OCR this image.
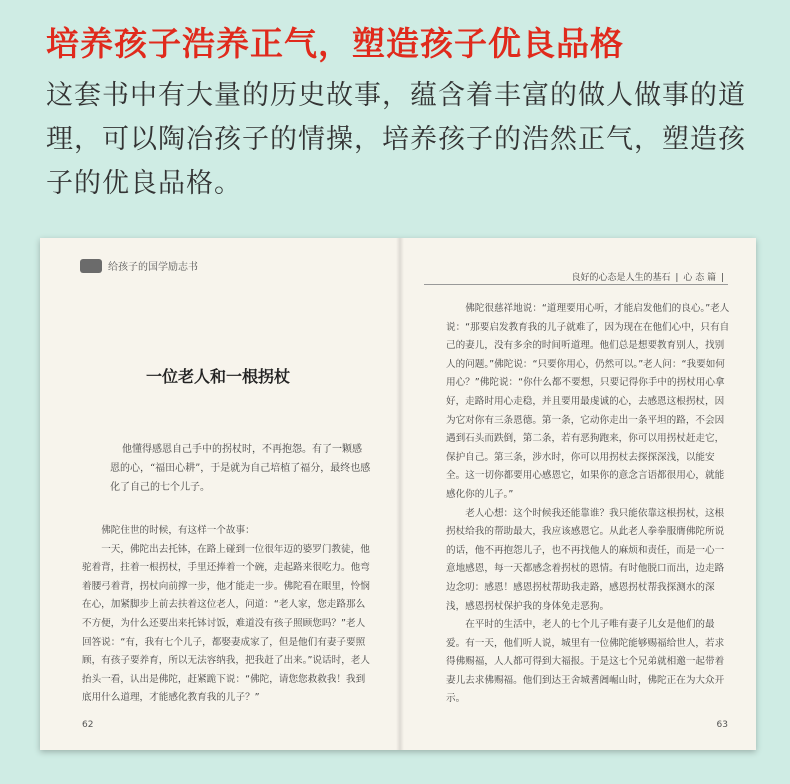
培养孩子浩养正气，塑造孩子优良品格
这套书中有大量的历史故事，蕴含着丰富的做人做事的道理，可以陶冶孩子的情操，培养孩子的浩然正气，塑造孩子的优良品格。
给孩子的国学励志书
一位老人和一根拐杖

他懂得感恩自己手中的拐杖时，不再抱怨。有了一颗感

恩的心，“福田心耕”，于是就为自己培植了福分，最终也感

化了自己的七个儿子。

佛陀住世的时候，有这样一个故事：

一天，佛陀出去托钵，在路上碰到一位很年迈的婆罗门教徒，他驼着背，拄着一根拐杖，手里还捧着一个碗，走起路来很吃力。他弯着腰弓着背，拐杖向前撑一步，他才能走一步。佛陀看在眼里，怜悯在心，加紧脚步上前去扶着这位老人，问道：“老人家，您走路那么不方便，为什么还要出来托钵讨饭，难道没有孩子照顾您吗？”老人回答说：“有，我有七个儿子，都娶妻成家了，但是他们有妻子要照顾，有孩子要养育，所以无法容纳我，把我赶了出来。”说话时，老人抬头一看，认出是佛陀，赶紧跪下说：“佛陀，请您您救救我！我到底用什么道理，才能感化教育我的儿子？”

62
良好的心态是人生的基石 | 心 态 篇 |

佛陀很慈祥地说：“道理要用心听，才能启发他们的良心。”老人说：“那要启发教育我的儿子就难了，因为现在在他们心中，只有自己的妻儿，没有多余的时间听道理。他们总是想要教育别人，找别人的问题。”佛陀说：“只要你用心，仍然可以。”老人问：“我要如何用心？”佛陀说：“你什么都不要想，只要记得你手中的拐杖用心拿好，走路时用心走稳，并且要用最虔诚的心，去感恩这根拐杖，因为它对你有三条恩德。第一条，它动你走出一条平坦的路，不会因遇到石头而跌倒，第二条，若有恶狗跑来，你可以用拐杖赶走它，保护自己。第三条，涉水时，你可以用拐杖去探探深浅，以能安全。这一切你都要用心感恩它，如果你的意念言语都很用心，就能感化你的儿子。”

老人心想：这个时候我还能靠谁？我只能依靠这根拐杖，这根拐杖给我的帮助最大，我应该感恩它。从此老人拳拳服膺佛陀所说的话，他不再抱怨儿子，也不再找他人的麻烦和责任，而是一心一意地感恩，每一天都感念着拐杖的恩情。有时他脱口而出，边走路边念叨：感恩！感恩拐杖帮助我走路，感恩拐杖帮我探测水的深浅，感恩拐杖保护我的身体免走恶狗。

在平时的生活中，老人的七个儿子唯有妻子儿女是他们的最爱。有一天，他们听人说，城里有一位佛陀能够赐福给世人，若求得佛赐福，人人都可得到大福报。于是这七个兄弟就相邀一起带着妻儿去求佛赐福。他们到达王舍城耆阇崛山时，佛陀正在为大众开示。

63
